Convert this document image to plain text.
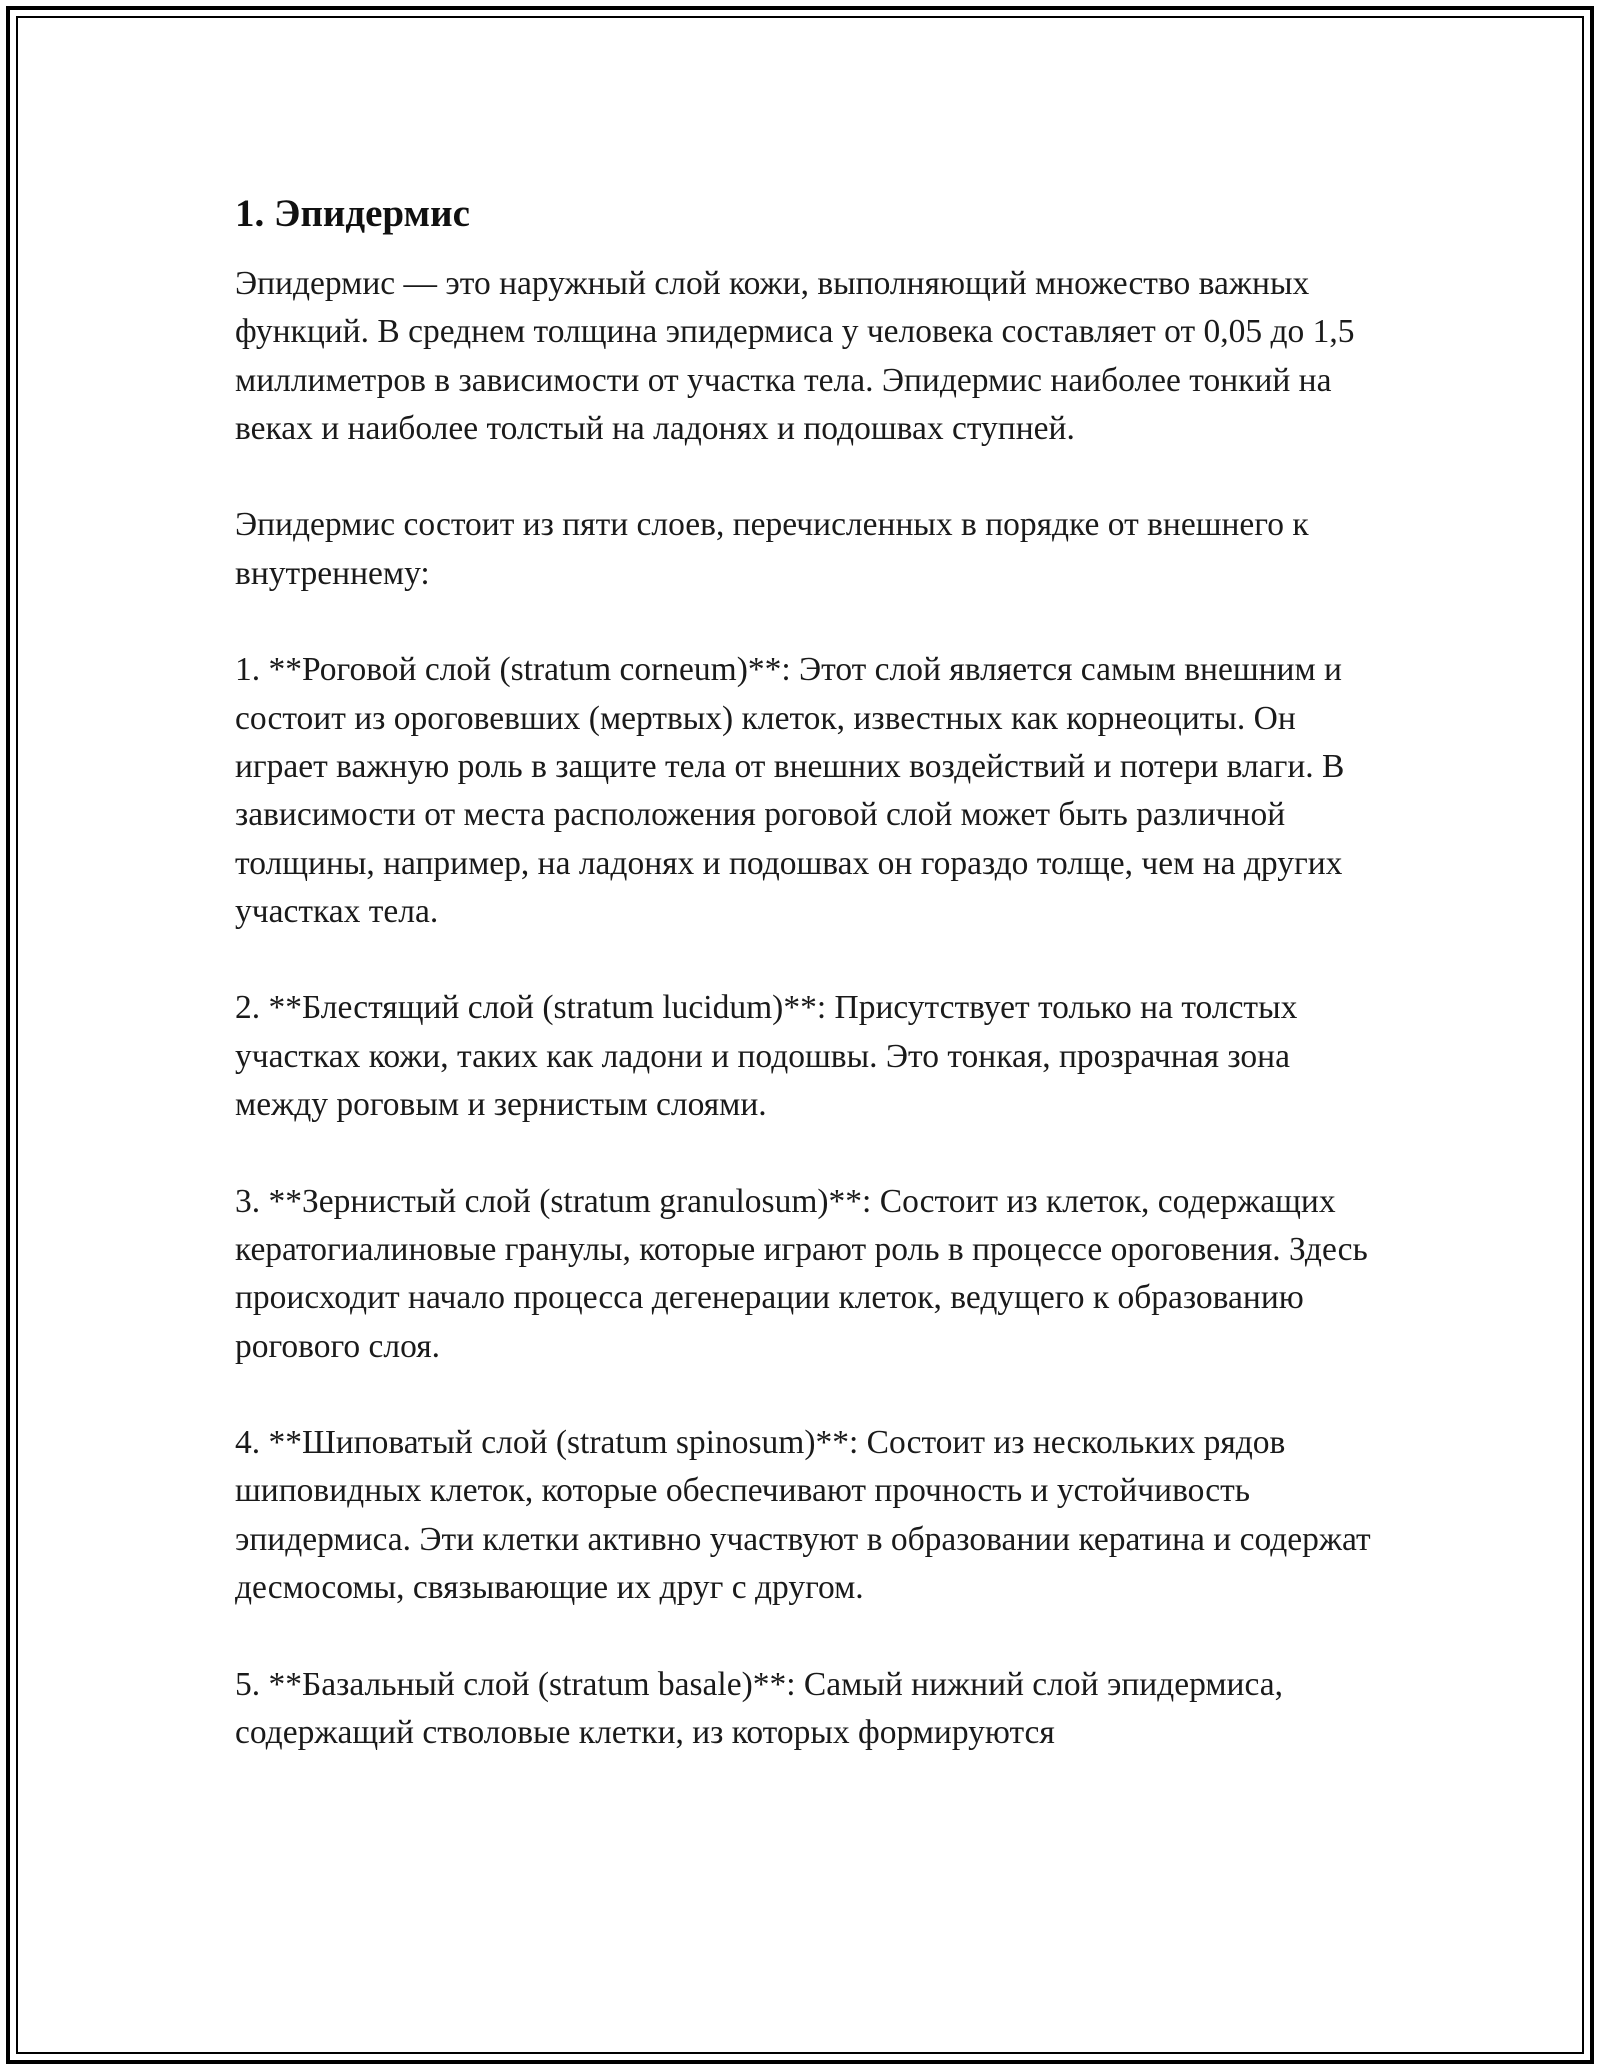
1. Эпидермис

Эпидермис — это наружный слой кожи, выполняющий множество важных функций. В среднем толщина эпидермиса у человека составляет от 0,05 до 1,5 миллиметров в зависимости от участка тела. Эпидермис наиболее тонкий на веках и наиболее толстый на ладонях и подошвах ступней.

Эпидермис состоит из пяти слоев, перечисленных в порядке от внешнего к внутреннему:

1. **Роговой слой (stratum corneum)**: Этот слой является самым внешним и состоит из ороговевших (мертвых) клеток, известных как корнеоциты. Он играет важную роль в защите тела от внешних воздействий и потери влаги. В зависимости от места расположения роговой слой может быть различной толщины, например, на ладонях и подошвах он гораздо толще, чем на других участках тела.

2. **Блестящий слой (stratum lucidum)**: Присутствует только на толстых участках кожи, таких как ладони и подошвы. Это тонкая, прозрачная зона между роговым и зернистым слоями.

3. **Зернистый слой (stratum granulosum)**: Состоит из клеток, содержащих кератогиалиновые гранулы, которые играют роль в процессе ороговения. Здесь происходит начало процесса дегенерации клеток, ведущего к образованию рогового слоя.

4. **Шиповатый слой (stratum spinosum)**: Состоит из нескольких рядов шиповидных клеток, которые обеспечивают прочность и устойчивость эпидермиса. Эти клетки активно участвуют в образовании кератина и содержат десмосомы, связывающие их друг с другом.

5. **Базальный слой (stratum basale)**: Самый нижний слой эпидермиса, содержащий стволовые клетки, из которых формируются
